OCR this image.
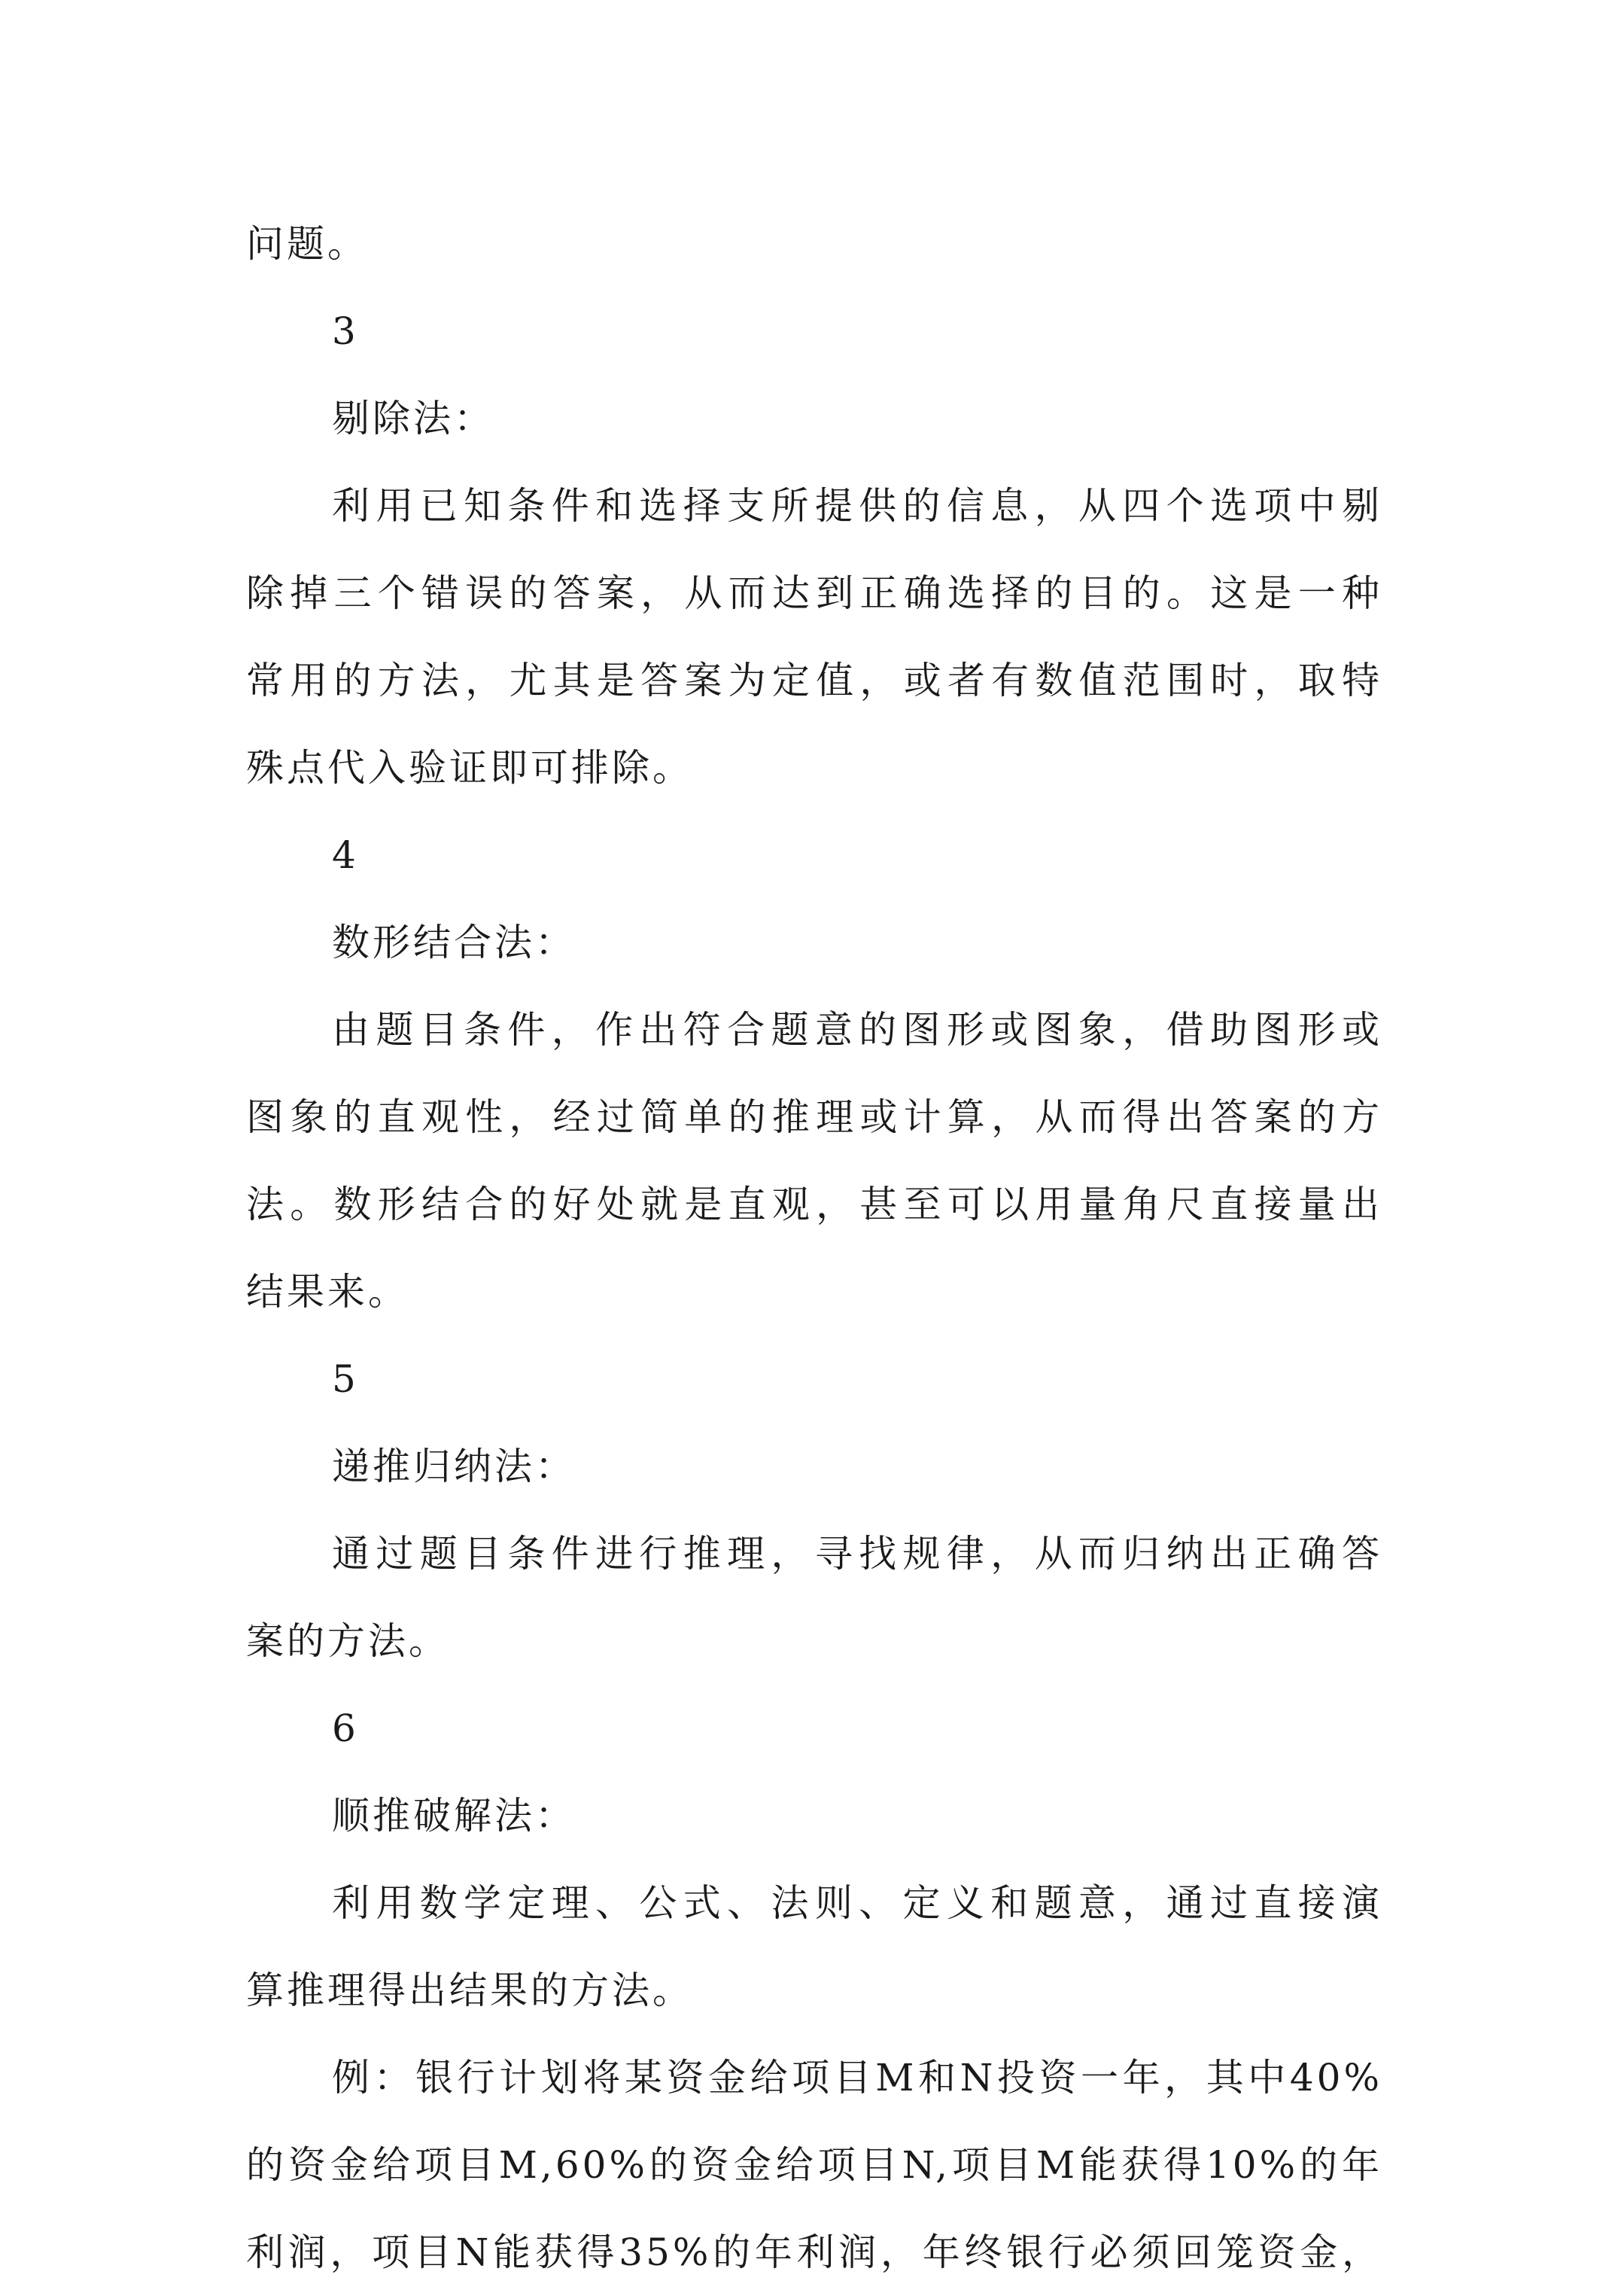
问题。
3
剔除法：
利用已知条件和选择支所提供的信息，从四个选项中剔
除掉三个错误的答案，从而达到正确选择的目的。这是一种
常用的方法，尤其是答案为定值，或者有数值范围时，取特
殊点代入验证即可排除。
4
数形结合法：
由题目条件，作出符合题意的图形或图象，借助图形或
图象的直观性，经过简单的推理或计算，从而得出答案的方
法。数形结合的好处就是直观，甚至可以用量角尺直接量出
结果来。
5
递推归纳法：
通过题目条件进行推理，寻找规律，从而归纳出正确答
案的方法。
6
顺推破解法：
利用数学定理、公式、法则、定义和题意，通过直接演
算推理得出结果的方法。
例：银行计划将某资金给项目M和N投资一年，其中40%
的资金给项目M,60%的资金给项目N,项目M能获得10%的年
利润，项目N能获得35%的年利润，年终银行必须回笼资金，
